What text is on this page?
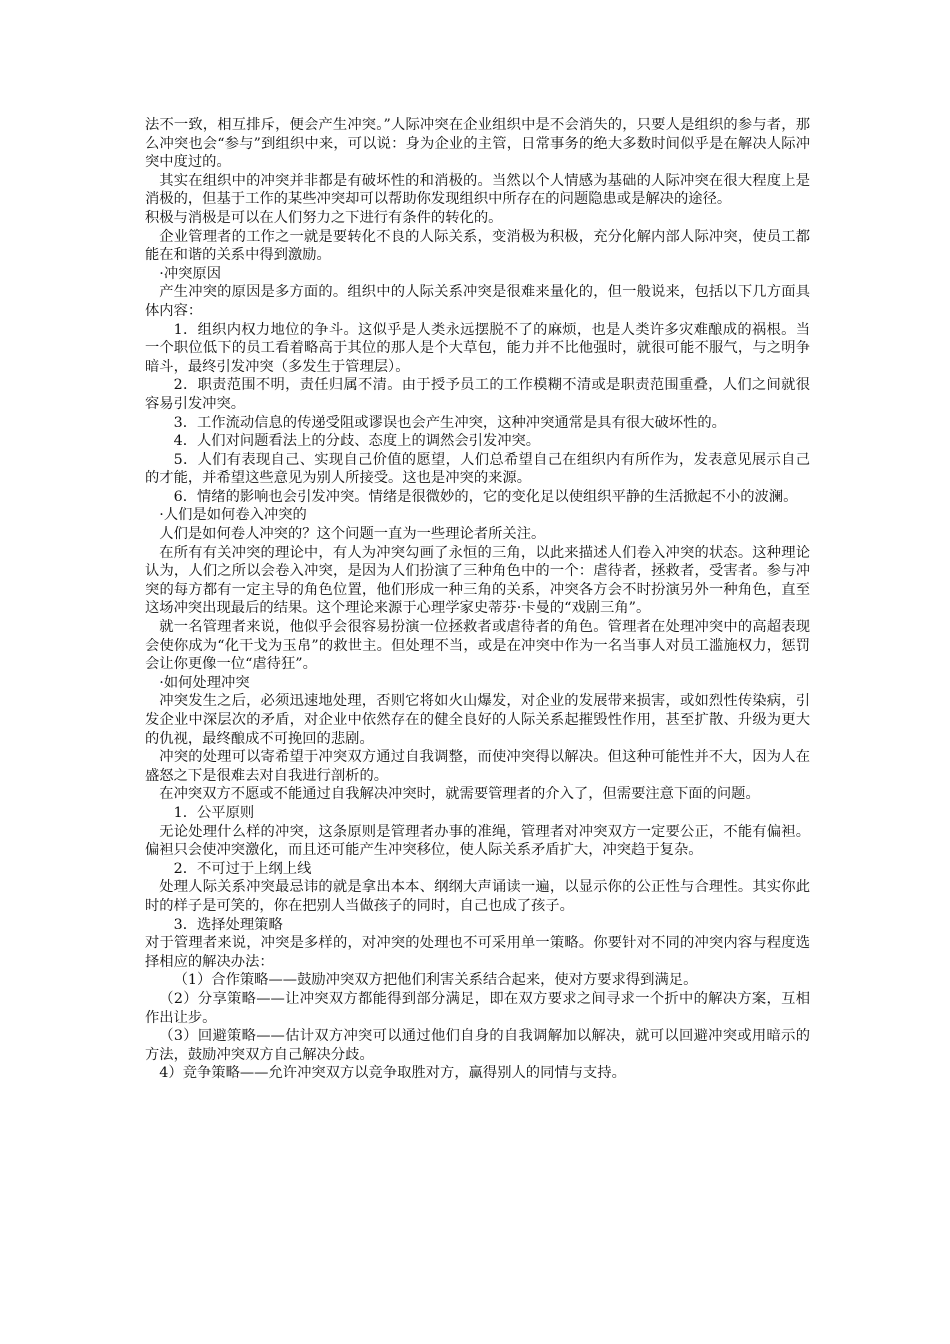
法不一致，相互排斥，便会产生冲突。”人际冲突在企业组织中是不会消失的，只要人是组织的参与者，那么冲突也会“参与”到组织中来，可以说：身为企业的主管，日常事务的绝大多数时间似乎是在解决人际冲突中度过的。

其实在组织中的冲突并非都是有破坏性的和消极的。当然以个人情感为基础的人际冲突在很大程度上是消极的，但基于工作的某些冲突却可以帮助你发现组织中所存在的问题隐患或是解决的途径。

积极与消极是可以在人们努力之下进行有条件的转化的。

企业管理者的工作之一就是要转化不良的人际关系，变消极为积极，充分化解内部人际冲突，使员工都能在和谐的关系中得到激励。

·冲突原因

产生冲突的原因是多方面的。组织中的人际关系冲突是很难来量化的，但一般说来，包括以下几方面具体内容：

1．组织内权力地位的争斗。这似乎是人类永远摆脱不了的麻烦，也是人类许多灾难酿成的祸根。当一个职位低下的员工看着略高于其位的那人是个大草包，能力并不比他强时，就很可能不服气，与之明争暗斗，最终引发冲突（多发生于管理层）。

2．职责范围不明，责任归属不清。由于授予员工的工作模糊不清或是职责范围重叠，人们之间就很容易引发冲突。

3．工作流动信息的传递受阻或谬误也会产生冲突，这种冲突通常是具有很大破坏性的。

4．人们对问题看法上的分歧、态度上的调然会引发冲突。

5．人们有表现自己、实现自己价值的愿望，人们总希望自己在组织内有所作为，发表意见展示自己的才能，并希望这些意见为别人所接受。这也是冲突的来源。

6．情绪的影响也会引发冲突。情绪是很微妙的，它的变化足以使组织平静的生活掀起不小的波澜。

·人们是如何卷入冲突的

人们是如何卷人冲突的？这个问题一直为一些理论者所关注。

在所有有关冲突的理论中，有人为冲突勾画了永恒的三角，以此来描述人们卷入冲突的状态。这种理论认为，人们之所以会卷入冲突，是因为人们扮演了三种角色中的一个：虐待者，拯救者，受害者。参与冲突的每方都有一定主导的角色位置，他们形成一种三角的关系，冲突各方会不时扮演另外一种角色，直至这场冲突出现最后的结果。这个理论来源于心理学家史蒂芬·卡曼的“戏剧三角”。

就一名管理者来说，他似乎会很容易扮演一位拯救者或虐待者的角色。管理者在处理冲突中的高超表现会使你成为“化干戈为玉帛”的救世主。但处理不当，或是在冲突中作为一名当事人对员工滥施权力，惩罚会让你更像一位“虐待狂”。

·如何处理冲突

冲突发生之后，必须迅速地处理，否则它将如火山爆发，对企业的发展带来损害，或如烈性传染病，引发企业中深层次的矛盾，对企业中依然存在的健全良好的人际关系起摧毁性作用，甚至扩散、升级为更大的仇视，最终酿成不可挽回的悲剧。

冲突的处理可以寄希望于冲突双方通过自我调整，而使冲突得以解决。但这种可能性并不大，因为人在盛怒之下是很难去对自我进行剖析的。

在冲突双方不愿或不能通过自我解决冲突时，就需要管理者的介入了，但需要注意下面的问题。

1．公平原则

无论处理什么样的冲突，这条原则是管理者办事的准绳，管理者对冲突双方一定要公正，不能有偏袒。偏袒只会使冲突激化，而且还可能产生冲突移位，使人际关系矛盾扩大，冲突趋于复杂。

2．不可过于上纲上线

处理人际关系冲突最忌讳的就是拿出本本、纲纲大声诵读一遍，以显示你的公正性与合理性。其实你此时的样子是可笑的，你在把别人当做孩子的同时，自己也成了孩子。

3．选择处理策略

对于管理者来说，冲突是多样的，对冲突的处理也不可采用单一策略。你要针对不同的冲突内容与程度选择相应的解决办法：

（1）合作策略——鼓励冲突双方把他们利害关系结合起来，使对方要求得到满足。

（2）分享策略——让冲突双方都能得到部分满足，即在双方要求之间寻求一个折中的解决方案，互相作出让步。

（3）回避策略——估计双方冲突可以通过他们自身的自我调解加以解决，就可以回避冲突或用暗示的方法，鼓励冲突双方自己解决分歧。

4）竞争策略——允许冲突双方以竞争取胜对方，赢得别人的同情与支持。
